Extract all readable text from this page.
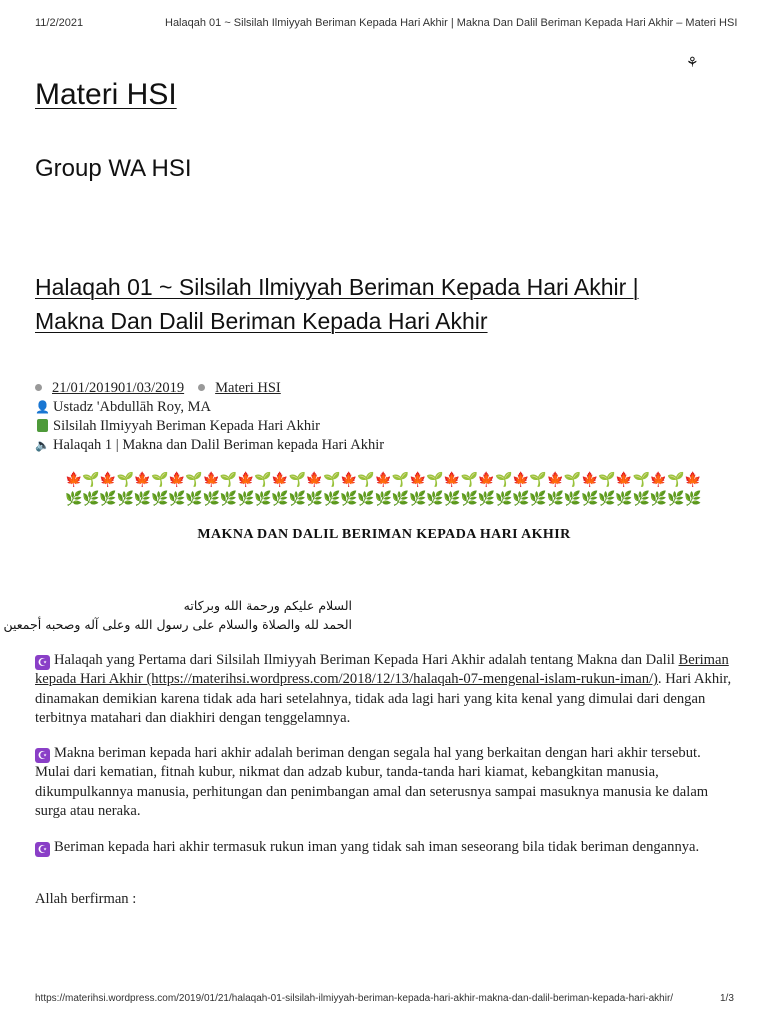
11/2/2021	Halaqah 01 ~ Silsilah Ilmiyyah Beriman Kepada Hari Akhir | Makna Dan Dalil Beriman Kepada Hari Akhir – Materi HSI
⚘
Materi HSI
Group WA HSI
Halaqah 01 ~ Silsilah Ilmiyyah Beriman Kepada Hari Akhir |
Makna Dan Dalil Beriman Kepada Hari Akhir
21/01/201901/03/2019 Materi HSI
👤 Ustadz 'Abdullāh Roy, MA
Silsilah Ilmiyyah Beriman Kepada Hari Akhir
🔈 Halaqah 1 | Makna dan Dalil Beriman kepada Hari Akhir
🍁 🌱 🍁 🌱 🍁 🌱 🍁 🌱 🍁 🌱 🍁 🌱 🍁 🌱 🍁 🌱 🍁 🌱 🍁 🌱 🍁 🌱 🍁 🌱 🍁 🌱 🍁 🌱 🍁 🌱 🍁 🌱 🍁 🌱 🍁 🌱 🍁
🌿 🌿 🌿 🌿 🌿 🌿 🌿 🌿 🌿 🌿 🌿 🌿 🌿 🌿 🌿 🌿 🌿 🌿 🌿 🌿 🌿 🌿 🌿 🌿 🌿 🌿 🌿 🌿 🌿 🌿 🌿 🌿 🌿 🌿 🌿 🌿 🌿
MAKNA DAN DALIL BERIMAN KEPADA HARI AKHIR
السلام عليكم ورحمة الله وبركاته
الحمد لله والصلاة والسلام على رسول الله وعلى آله وصحبه أجمعين
☪ Halaqah yang Pertama dari Silsilah Ilmiyyah Beriman Kepada Hari Akhir adalah tentang Makna dan Dalil Beriman kepada Hari Akhir (https://materihsi.wordpress.com/2018/12/13/halaqah-07-mengenal-islam-rukun-iman/). Hari Akhir, dinamakan demikian karena tidak ada hari setelahnya, tidak ada lagi hari yang kita kenal yang dimulai dari dengan terbitnya matahari dan diakhiri dengan tenggelamnya.
☪ Makna beriman kepada hari akhir adalah beriman dengan segala hal yang berkaitan dengan hari akhir tersebut. Mulai dari kematian, fitnah kubur, nikmat dan adzab kubur, tanda-tanda hari kiamat, kebangkitan manusia, dikumpulkannya manusia, perhitungan dan penimbangan amal dan seterusnya sampai masuknya manusia ke dalam surga atau neraka.
☪ Beriman kepada hari akhir termasuk rukun iman yang tidak sah iman seseorang bila tidak beriman dengannya.
Allah berfirman :
https://materihsi.wordpress.com/2019/01/21/halaqah-01-silsilah-ilmiyyah-beriman-kepada-hari-akhir-makna-dan-dalil-beriman-kepada-hari-akhir/	1/3
